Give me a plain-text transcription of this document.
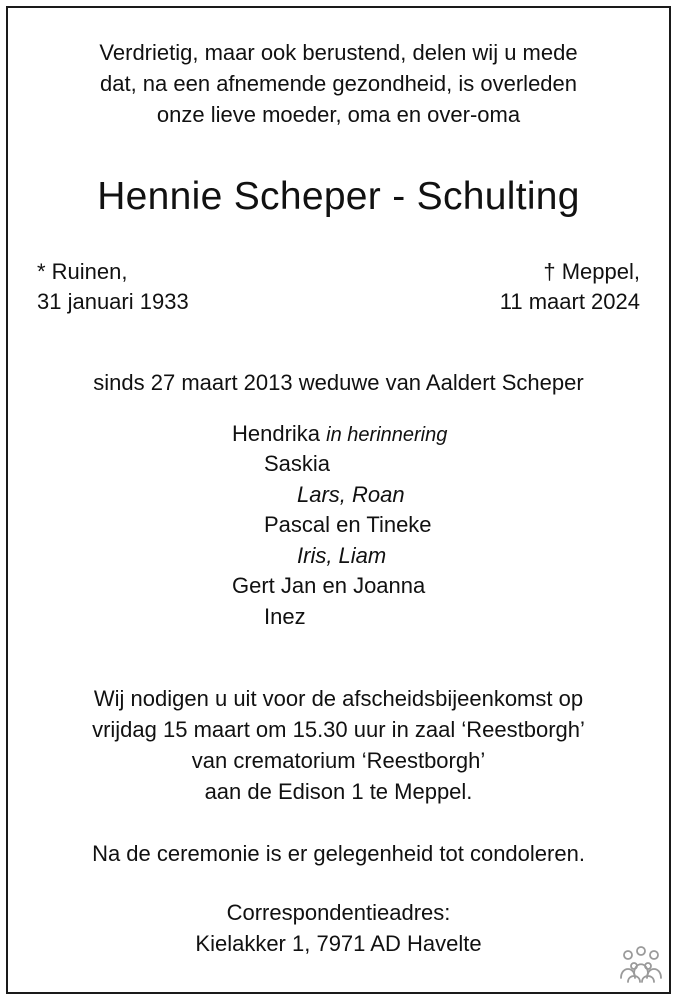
Verdrietig, maar ook berustend, delen wij u mede
dat, na een afnemende gezondheid, is overleden
onze lieve moeder, oma en over-oma
Hennie Scheper - Schulting
* Ruinen,
31 januari 1933
† Meppel,
11 maart 2024
sinds 27 maart 2013 weduwe van Aaldert Scheper
Hendrika in herinnering
Saskia
Lars, Roan
Pascal en Tineke
Iris, Liam
Gert Jan en Joanna
Inez
Wij nodigen u uit voor de afscheidsbijeenkomst op
vrijdag 15 maart om 15.30 uur in zaal ‘Reestborgh’
van crematorium ‘Reestborgh’
aan de Edison 1 te Meppel.
Na de ceremonie is er gelegenheid tot condoleren.
Correspondentieadres:
Kielakker 1, 7971 AD Havelte
